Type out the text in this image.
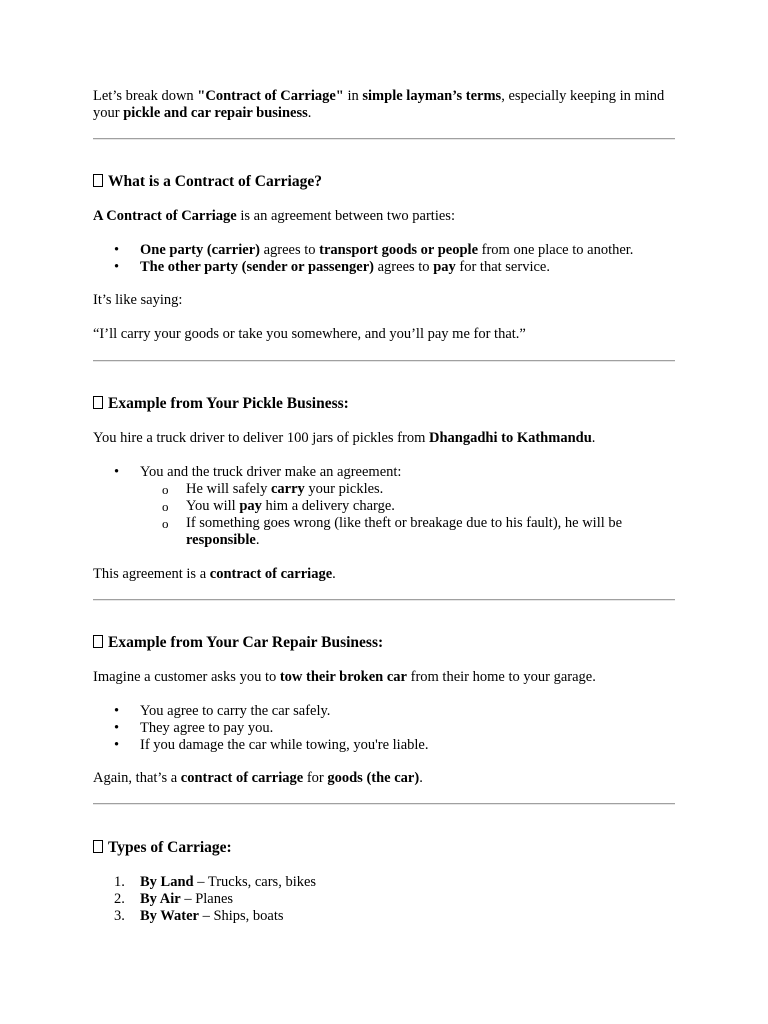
Let’s break down "Contract of Carriage" in simple layman’s terms, especially keeping in mind your pickle and car repair business.

What is a Contract of Carriage?

A Contract of Carriage is an agreement between two parties:

• One party (carrier) agrees to transport goods or people from one place to another.
• The other party (sender or passenger) agrees to pay for that service.

It’s like saying:

“I’ll carry your goods or take you somewhere, and you’ll pay me for that.”

Example from Your Pickle Business:

You hire a truck driver to deliver 100 jars of pickles from Dhangadhi to Kathmandu.

• You and the truck driver make an agreement:
o He will safely carry your pickles.
o You will pay him a delivery charge.
o If something goes wrong (like theft or breakage due to his fault), he will be responsible.

This agreement is a contract of carriage.

Example from Your Car Repair Business:

Imagine a customer asks you to tow their broken car from their home to your garage.

• You agree to carry the car safely.
• They agree to pay you.
• If you damage the car while towing, you're liable.

Again, that’s a contract of carriage for goods (the car).

Types of Carriage:
1. By Land – Trucks, cars, bikes
2. By Air – Planes
3. By Water – Ships, boats
